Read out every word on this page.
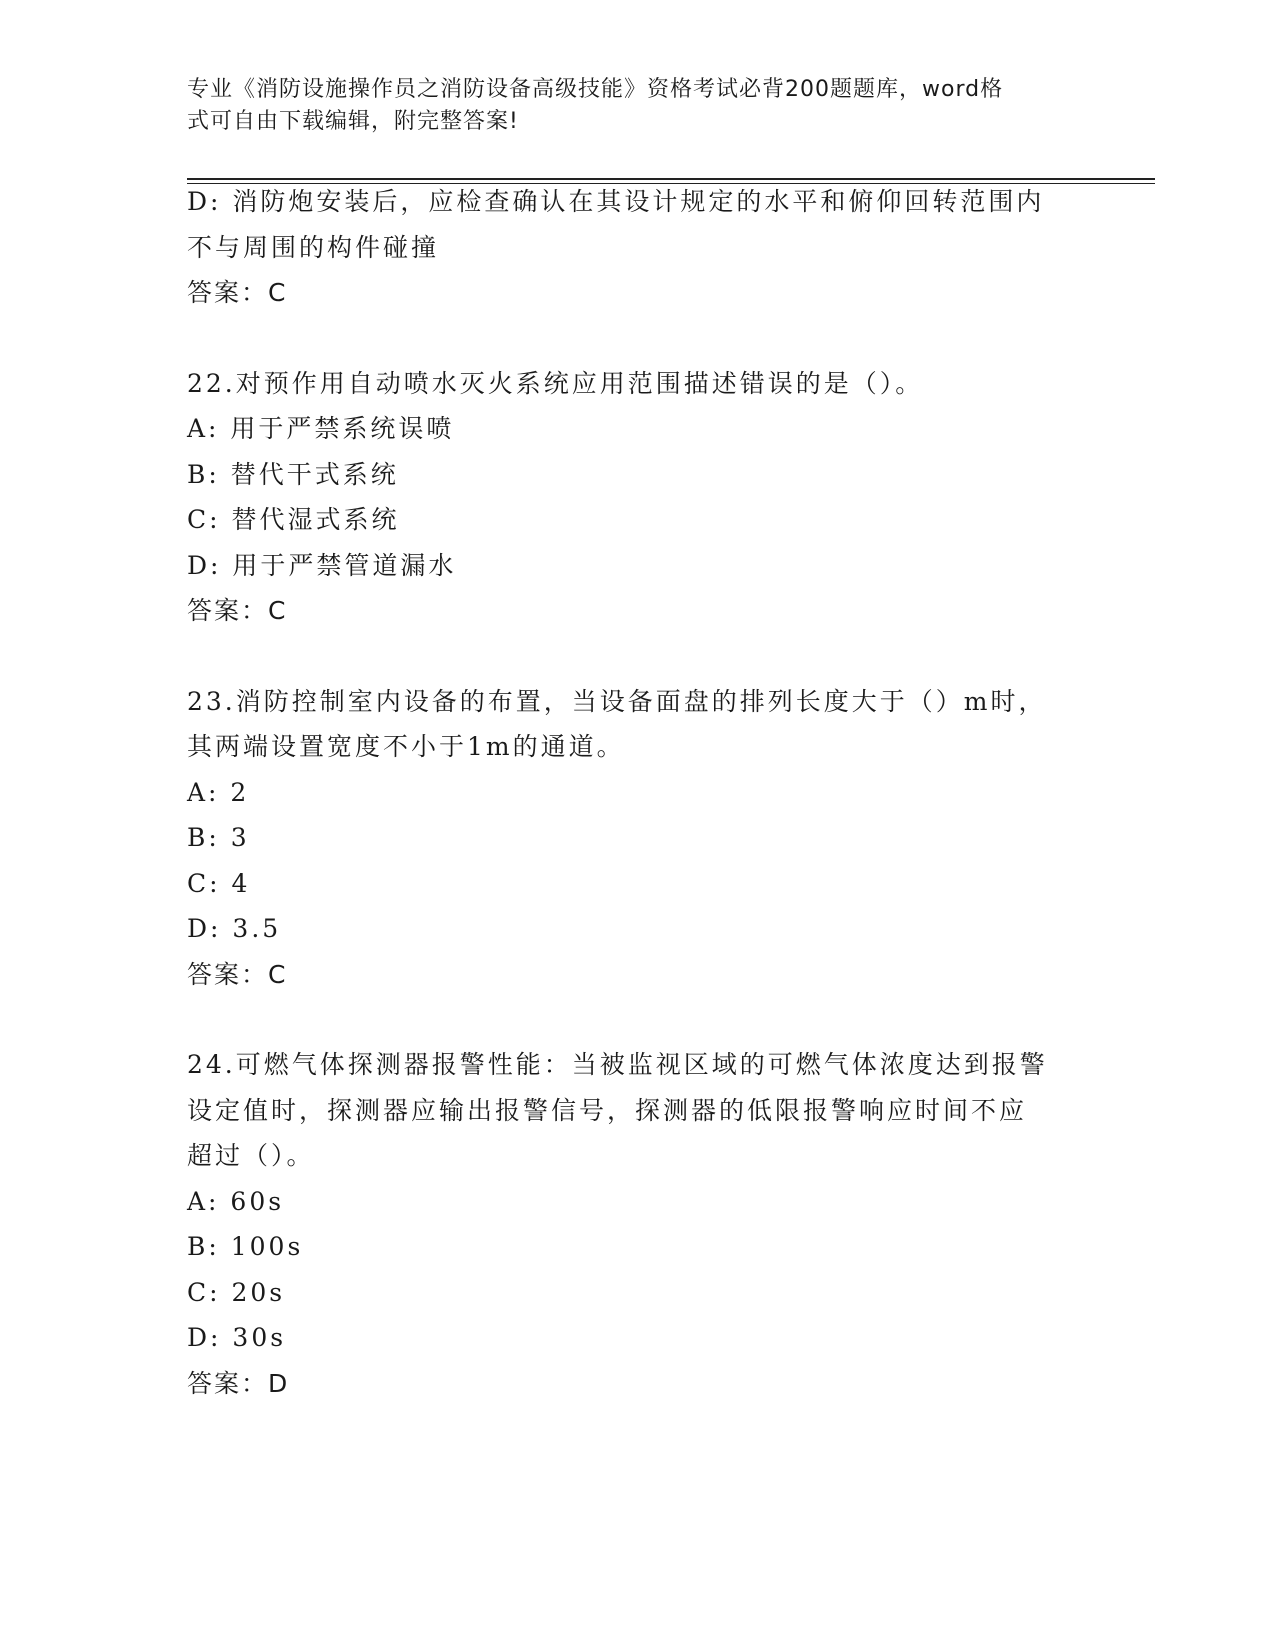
专业《消防设施操作员之消防设备高级技能》资格考试必背200题题库，word格
式可自由下载编辑，附完整答案!
D: 消防炮安装后，应检查确认在其设计规定的水平和俯仰回转范围内
不与周围的构件碰撞
答案：C
22.对预作用自动喷水灭火系统应用范围描述错误的是（）。
A: 用于严禁系统误喷
B: 替代干式系统
C: 替代湿式系统
D: 用于严禁管道漏水
答案：C
23.消防控制室内设备的布置，当设备面盘的排列长度大于（）m时，
其两端设置宽度不小于1m的通道。
A: 2
B: 3
C: 4
D: 3.5
答案：C
24.可燃气体探测器报警性能：当被监视区域的可燃气体浓度达到报警
设定值时，探测器应输出报警信号，探测器的低限报警响应时间不应
超过（）。
A: 60s
B: 100s
C: 20s
D: 30s
答案：D
